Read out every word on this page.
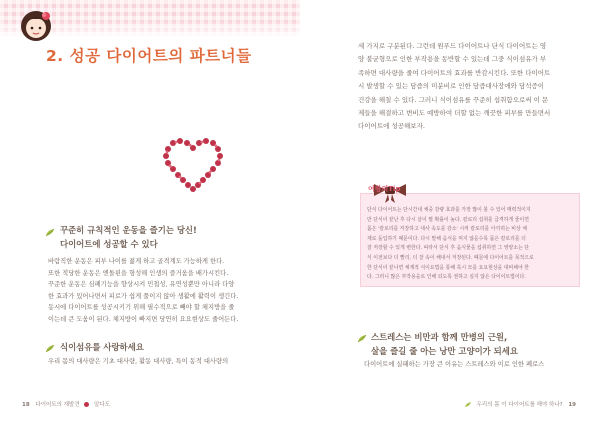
2. 성공 다이어트의 파트너들
꾸준히 규칙적인 운동을 즐기는 당신!
다이어트에 성공할 수 있다

바람직한 운동은 피부 나이를 젊게 하고 골격계도 가능하게 한다.

또한 적당한 운동은 엔돌핀을 형성해 인생의 즐거움을 배가시킨다.

꾸준한 운동은 심폐기능을 향상시켜 민첩성, 유연성뿐만 아니라 다양

한 효과가 있어나면서 피로가 쉽게 풀이지 않아 생활에 활력이 생긴다.

동시에 다이어트를 성공시키기 위해 필수적으로 빼야 할 체지방을 줄

이는데 큰 도움이 된다. 체지방이 빠지면 당연히 요요현상도 줄어든다.

식이섬유를 사랑하세요

우리 몸의 대사량은 기초 대사량, 활동 대사량, 특이 동적 대사량의

18 다이어트의 재발견	알다도
세 가지로 구분된다. 그런데 원푸드 다이어트나 단식 다이어트는 영
양 불균형으로 인한 부작용을 동반할 수 있는데 그중 식이섬유가 부
족하면 대사량을 줄여 다이어트의 효과를 반감시킨다. 또한 다이어트
시 발생할 수 있는 담즙의 미분비로 인한 담즙대사장애와 담석증이
건강을 해칠 수 있다. 그러니 식이섬유를 꾸준히 섭취함으로써 이 문
제들을 해결하고 변비도 예방하여 더할 없는 깨끗한 피부를 만들면서
다이어트에 성공해보자.
단식 다이어트는 단시간내 체중 감량 효과를 가장 많이 볼 수 있어 매력적이지
만 단식이 끝난 후 다시 살이 찔 확률이 높다. 칼로리 섭취를 급격하게 줄이면
몸은 '칼로리를 저장하고 대사 속도를 감소' 시켜 칼로리를 아끼려는 비상 체
제로 돌입하기 때문이다. 다시 말해 음식을 먹지 않을수록 몸은 칼로리를 더
잘 저장할 수 있게 변한다. 따라서 단식 후 음식물을 섭취하면 그 영양소는 단
식 이전보다 더 빨리, 더 잘 속이 해내서 저장된다. 때문에 다이어트를 목적으로
한 단식이 끝나면 체계적 식이요법을 통해 혹시 모를 요요현상을 대비해야 한
다. 그러니 많은 부작용을로 인해 되도록 권하고 싶지 않은 다이어트법이다.
여왕의Tip
스트레스는 비만과 함께 만병의 근원,
살을 즐길 줄 아는 낭만 고양이가 되세요

다이어트에 실패하는 가장 큰 이유는 스트레스와 이로 인한 폐로스

우리의 몸 이 다이어트를 해야 하나? 19
